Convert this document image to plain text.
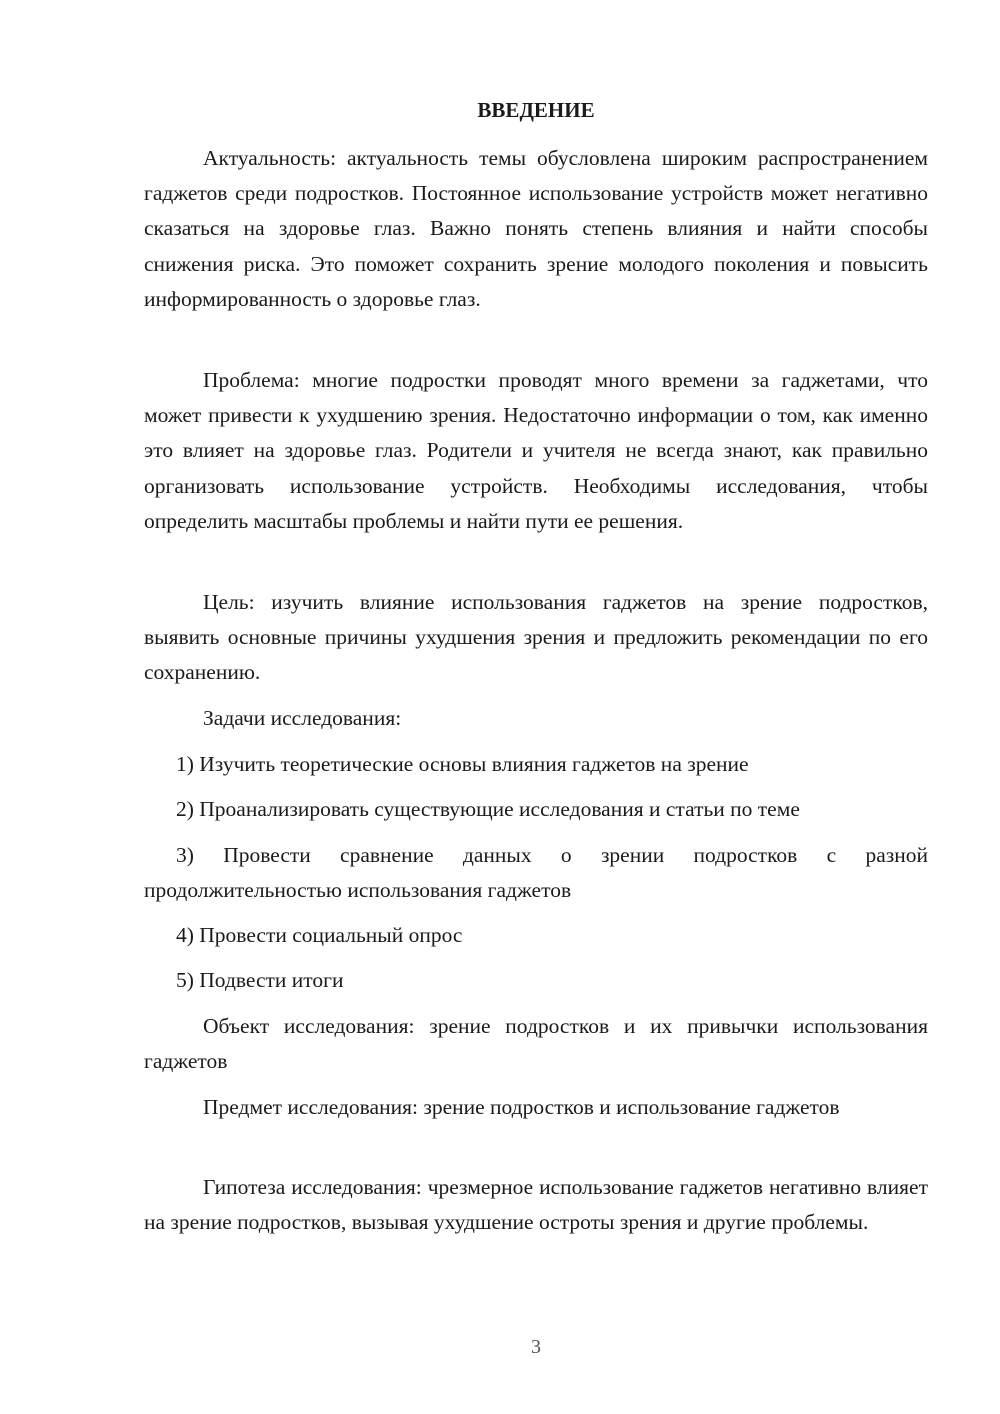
ВВЕДЕНИЕ
Актуальность: актуальность темы обусловлена широким распространением гаджетов среди подростков. Постоянное использование устройств может негативно сказаться на здоровье глаз. Важно понять степень влияния и найти способы снижения риска. Это поможет сохранить зрение молодого поколения и повысить информированность о здоровье глаз.
Проблема: многие подростки проводят много времени за гаджетами, что может привести к ухудшению зрения. Недостаточно информации о том, как именно это влияет на здоровье глаз. Родители и учителя не всегда знают, как правильно организовать использование устройств. Необходимы исследования, чтобы определить масштабы проблемы и найти пути ее решения.
Цель: изучить влияние использования гаджетов на зрение подростков, выявить основные причины ухудшения зрения и предложить рекомендации по его сохранению.
Задачи исследования:
1) Изучить теоретические основы влияния гаджетов на зрение
2) Проанализировать существующие исследования и статьи по теме
3) Провести сравнение данных о зрении подростков с разной продолжительностью использования гаджетов
4) Провести социальный опрос
5) Подвести итоги
Объект исследования: зрение подростков и их привычки использования гаджетов
Предмет исследования: зрение подростков и использование гаджетов
Гипотеза исследования: чрезмерное использование гаджетов негативно влияет на зрение подростков, вызывая ухудшение остроты зрения и другие проблемы.
3
